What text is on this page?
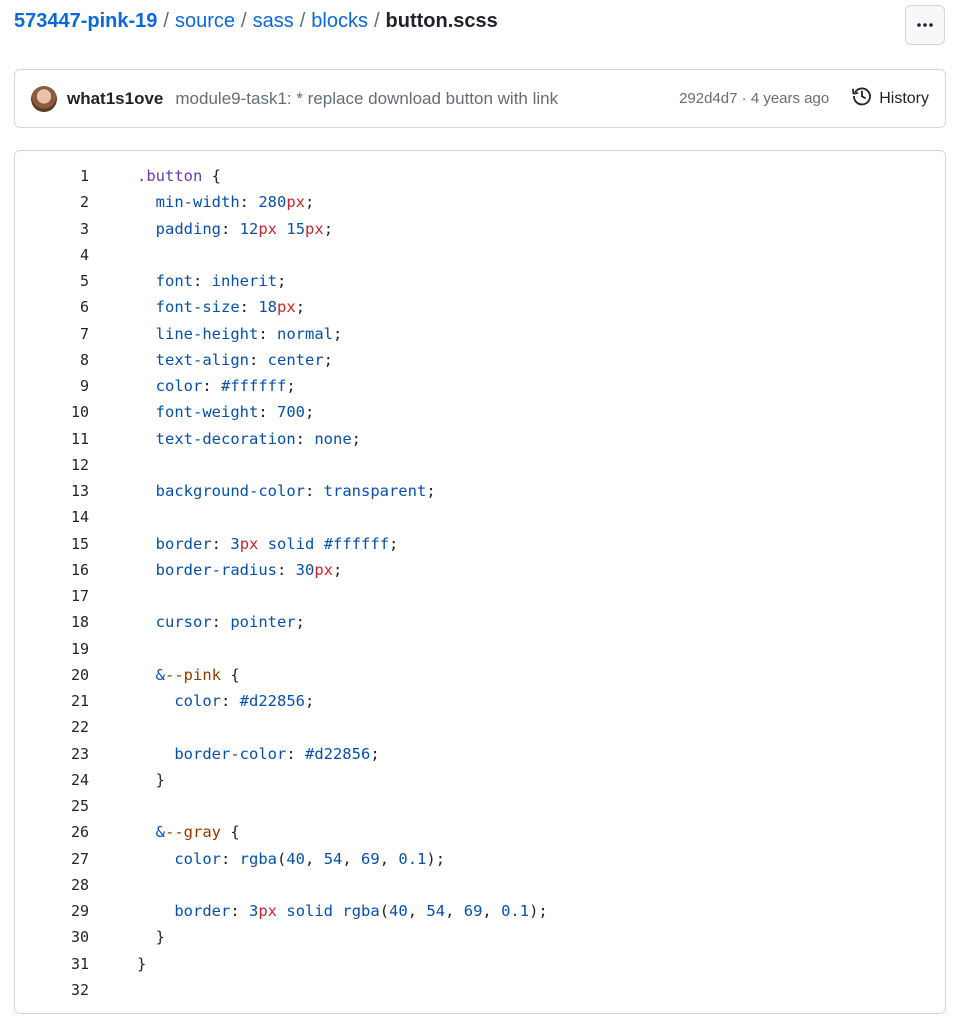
573447-pink-19 / source / sass / blocks / button.scss
what1s1ove module9-task1: * replace download button with link	292d4d7 · 4 years ago	History
1	.button {
2	min-width: 280px;
3	padding: 12px 15px;
4
5	font: inherit;
6	font-size: 18px;
7	line-height: normal;
8	text-align: center;
9	color: #ffffff;
10	font-weight: 700;
11	text-decoration: none;
12
13	background-color: transparent;
14
15	border: 3px solid #ffffff;
16	border-radius: 30px;
17
18	cursor: pointer;
19
20	&--pink {
21	color: #d22856;
22
23	border-color: #d22856;
24	}
25
26	&--gray {
27	color: rgba(40, 54, 69, 0.1);
28
29	border: 3px solid rgba(40, 54, 69, 0.1);
30	}
31	}
32
